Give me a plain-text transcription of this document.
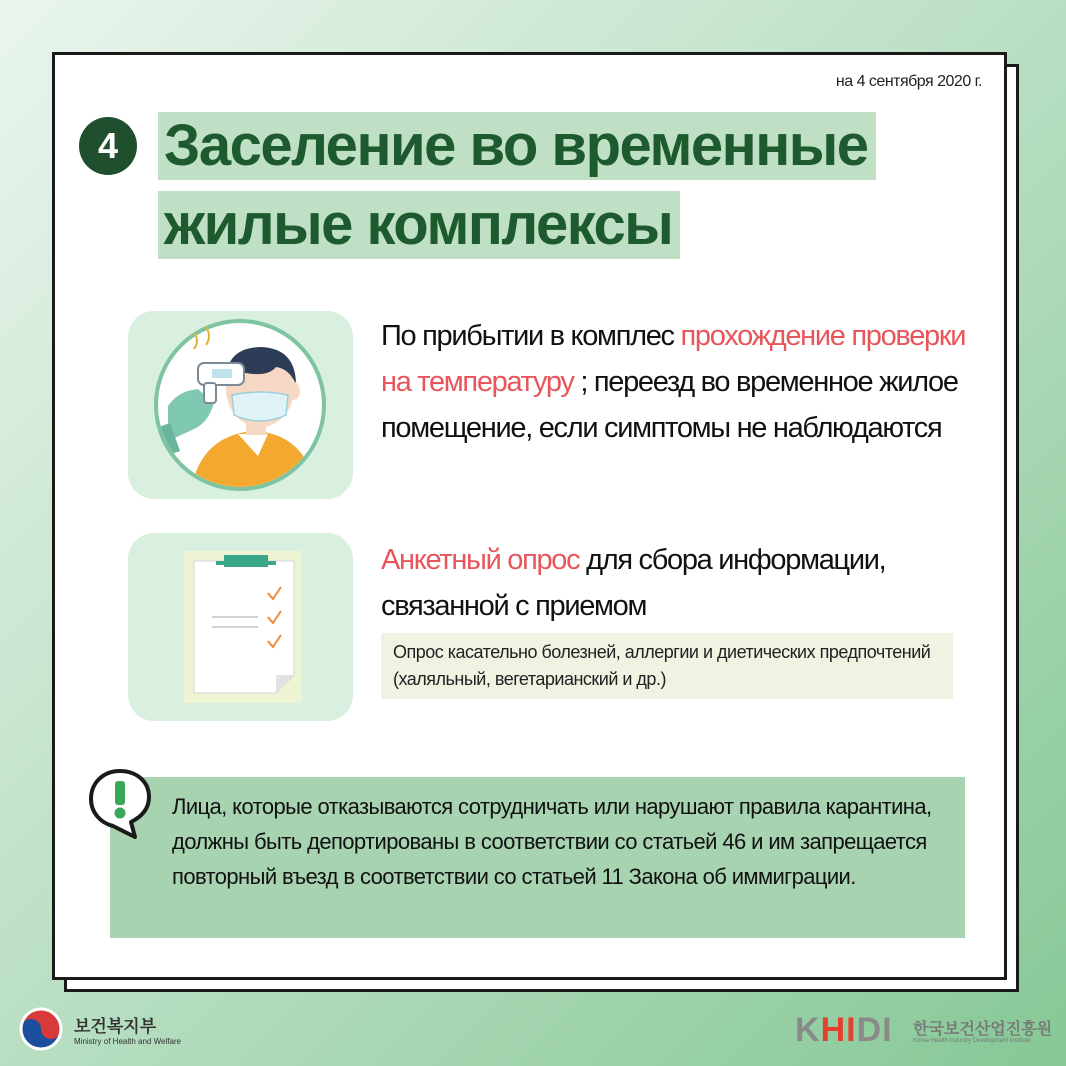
на 4 сентября 2020 г.
4 Заселение во временные
жилые комплексы
По прибытии в комплес прохождение проверки на температуру ; переезд во временное жилое помещение, если симптомы не наблюдаются
Анкетный опрос для сбора информации, связанной с приемом
Опрос касательно болезней, аллергии и диетических предпочтений (халяльный, вегетарианский и др.)
Лица, которые отказываются сотрудничать или нарушают правила карантина, должны быть депортированы в соответствии со статьей 46 и им запрещается повторный въезд в соответствии со статьей 11 Закона об иммиграции.
보건복지부
Ministry of Health and Welfare	KHIDI 한국보건산업진흥원
Korea Health Industry Development Institute
